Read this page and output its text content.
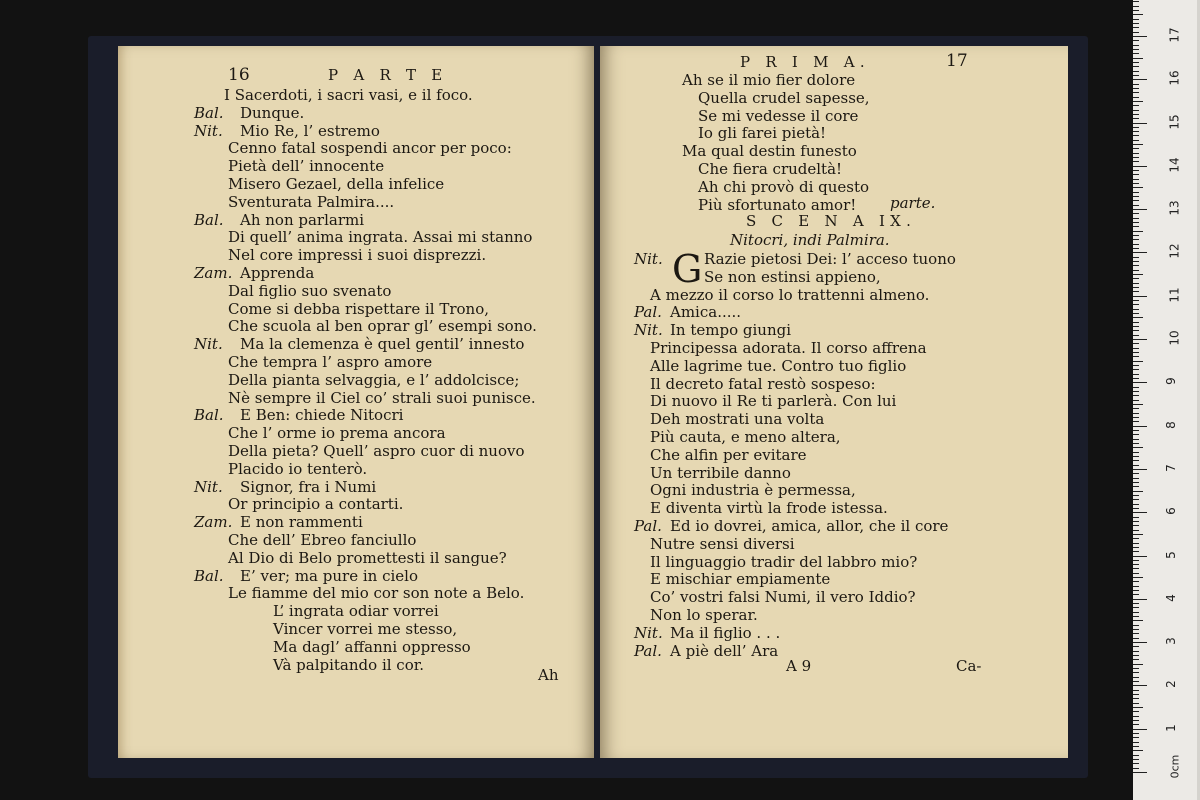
16	P A R T E
I Sacerdoti, i sacri vasi, e il foco.
Bal. Dunque.
Nit. Mio Re, l’ estremo
Cenno fatal sospendi ancor per poco:
Pietà dell’ innocente
Misero Gezael, della infelice
Sventurata Palmira....
Bal. Ah non parlarmi
Di quell’ anima ingrata. Assai mi stanno
Nel core impressi i suoi disprezzi.
Zam. Apprenda
Dal figlio suo svenato
Come si debba rispettare il Trono,
Che scuola al ben oprar gl’ esempi sono.
Nit. Ma la clemenza è quel gentil’ innesto
Che tempra l’ aspro amore
Della pianta selvaggia, e l’ addolcisce;
Nè sempre il Ciel co’ strali suoi punisce.
Bal. E Ben: chiede Nitocri
Che l’ orme io prema ancora
Della pieta? Quell’ aspro cuor di nuovo
Placido io tenterò.
Nit. Signor, fra i Numi
Or principio a contarti.
Zam. E non rammenti
Che dell’ Ebreo fanciullo
Al Dio di Belo promettesti il sangue?
Bal. E’ ver; ma pure in cielo
Le fiamme del mio cor son note a Belo.
L’ ingrata odiar vorrei
Vincer vorrei me stesso,
Ma dagl’ affanni oppresso
Và palpitando il cor.
Ah
P R I M A.	17
Ah se il mio fier dolore
Quella crudel sapesse,
Se mi vedesse il core
Io gli farei pietà!
Ma qual destin funesto
Che fiera crudeltà!
Ah chi provò di questo
Più sfortunato amor! parte.
S C E N A IX.
Nitocri, indi Palmira.
G
Nit.	Razie pietosi Dei: l’ acceso tuono
Se non estinsi appieno,
A mezzo il corso lo trattenni almeno.
Pal. Amica.....
Nit. In tempo giungi
Principessa adorata. Il corso affrena
Alle lagrime tue. Contro tuo figlio
Il decreto fatal restò sospeso:
Di nuovo il Re ti parlerà. Con lui
Deh mostrati una volta
Più cauta, e meno altera,
Che alfin per evitare
Un terribile danno
Ogni industria è permessa,
E diventa virtù la frode istessa.
Pal. Ed io dovrei, amica, allor, che il core
Nutre sensi diversi
Il linguaggio tradir del labbro mio?
E mischiar empiamente
Co’ vostri falsi Numi, il vero Iddio?
Non lo sperar.
Nit. Ma il figlio . . .
Pal. A piè dell’ Ara
A 9	Ca-
0cm
1
2
3
4
5
6
7
8
9
10
11
12
13
14
15
16
17
